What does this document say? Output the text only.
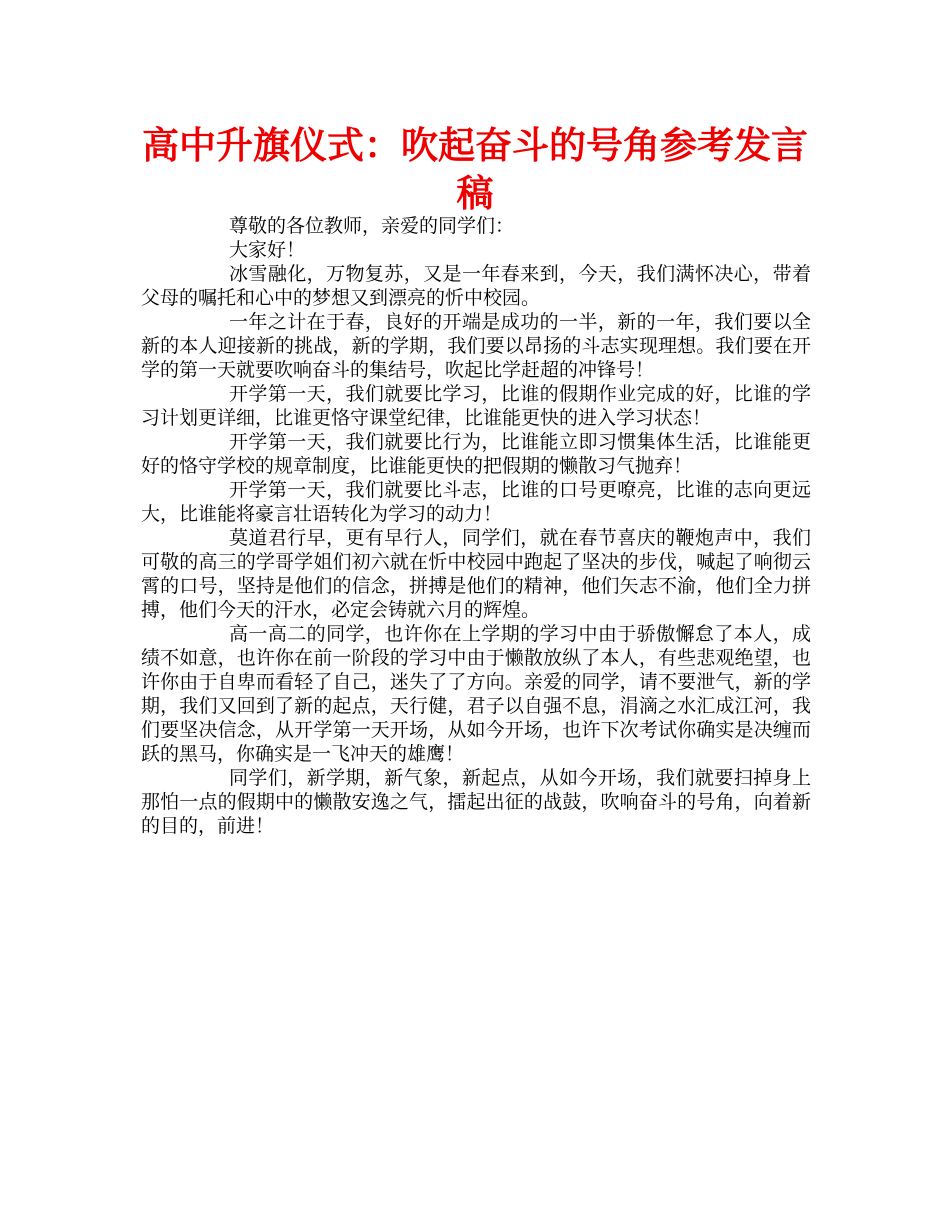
高中升旗仪式：吹起奋斗的号角参考发言稿

尊敬的各位教师，亲爱的同学们：

大家好！

冰雪融化，万物复苏，又是一年春来到，今天，我们满怀决心，带着父母的嘱托和心中的梦想又到漂亮的忻中校园。

一年之计在于春，良好的开端是成功的一半，新的一年，我们要以全新的本人迎接新的挑战，新的学期，我们要以昂扬的斗志实现理想。我们要在开学的第一天就要吹响奋斗的集结号，吹起比学赶超的冲锋号！

开学第一天，我们就要比学习，比谁的假期作业完成的好，比谁的学习计划更详细，比谁更恪守课堂纪律，比谁能更快的进入学习状态！

开学第一天，我们就要比行为，比谁能立即习惯集体生活，比谁能更好的恪守学校的规章制度，比谁能更快的把假期的懒散习气抛弃！

开学第一天，我们就要比斗志，比谁的口号更嘹亮，比谁的志向更远大，比谁能将豪言壮语转化为学习的动力！

莫道君行早，更有早行人，同学们，就在春节喜庆的鞭炮声中，我们可敬的高三的学哥学姐们初六就在忻中校园中跑起了坚决的步伐，喊起了响彻云霄的口号，坚持是他们的信念，拼搏是他们的精神，他们矢志不渝，他们全力拼搏，他们今天的汗水，必定会铸就六月的辉煌。

高一高二的同学，也许你在上学期的学习中由于骄傲懈怠了本人，成绩不如意，也许你在前一阶段的学习中由于懒散放纵了本人，有些悲观绝望，也许你由于自卑而看轻了自己，迷失了了方向。亲爱的同学，请不要泄气，新的学期，我们又回到了新的起点，天行健，君子以自强不息，涓滴之水汇成江河，我们要坚决信念，从开学第一天开场，从如今开场，也许下次考试你确实是决缠而跃的黑马，你确实是一飞冲天的雄鹰！

同学们，新学期，新气象，新起点，从如今开场，我们就要扫掉身上那怕一点的假期中的懒散安逸之气，擂起出征的战鼓，吹响奋斗的号角，向着新的目的，前进！
